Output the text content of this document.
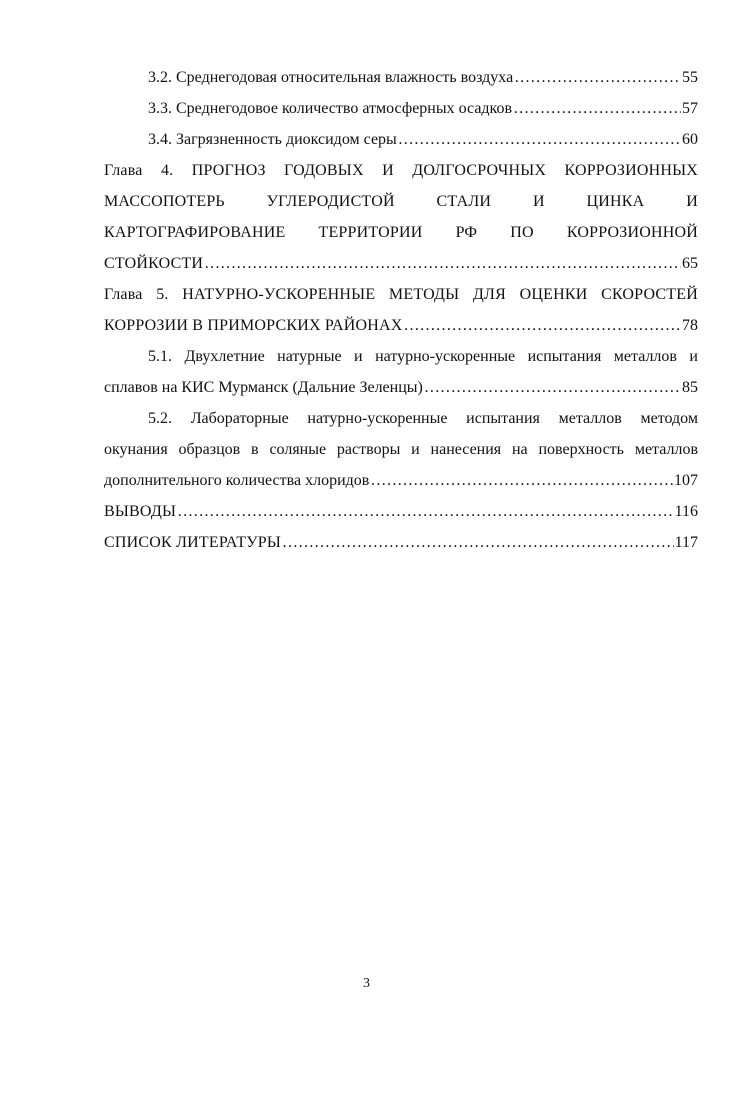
3.2. Среднегодовая относительная влажность воздуха ………………………………………………………………………………………………………………………………………………………………	55
3.3. Среднегодовое количество атмосферных осадков ………………………………………………………………………………………………………………………………………………………………	57
3.4. Загрязненность диоксидом серы ………………………………………………………………………………………………………………………………………………………………	60
Глава 4. ПРОГНОЗ ГОДОВЫХ И ДОЛГОСРОЧНЫХ КОРРОЗИОННЫХ
МАССОПОТЕРЬ УГЛЕРОДИСТОЙ СТАЛИ И ЦИНКА И
КАРТОГРАФИРОВАНИЕ ТЕРРИТОРИИ РФ ПО КОРРОЗИОННОЙ
СТОЙКОСТИ ………………………………………………………………………………………………………………………………………………………………	65
Глава 5. НАТУРНО-УСКОРЕННЫЕ МЕТОДЫ ДЛЯ ОЦЕНКИ СКОРОСТЕЙ
КОРРОЗИИ В ПРИМОРСКИХ РАЙОНАХ ………………………………………………………………………………………………………………………………………………………………	78
5.1. Двухлетние натурные и натурно-ускоренные испытания металлов и
сплавов на КИС Мурманск (Дальние Зеленцы) ………………………………………………………………………………………………………………………………………………………………	85
5.2. Лабораторные натурно-ускоренные испытания металлов методом
окунания образцов в соляные растворы и нанесения на поверхность металлов
дополнительного количества хлоридов ………………………………………………………………………………………………………………………………………………………………	107
ВЫВОДЫ ………………………………………………………………………………………………………………………………………………………………	116
СПИСОК ЛИТЕРАТУРЫ ………………………………………………………………………………………………………………………………………………………………	117
3
